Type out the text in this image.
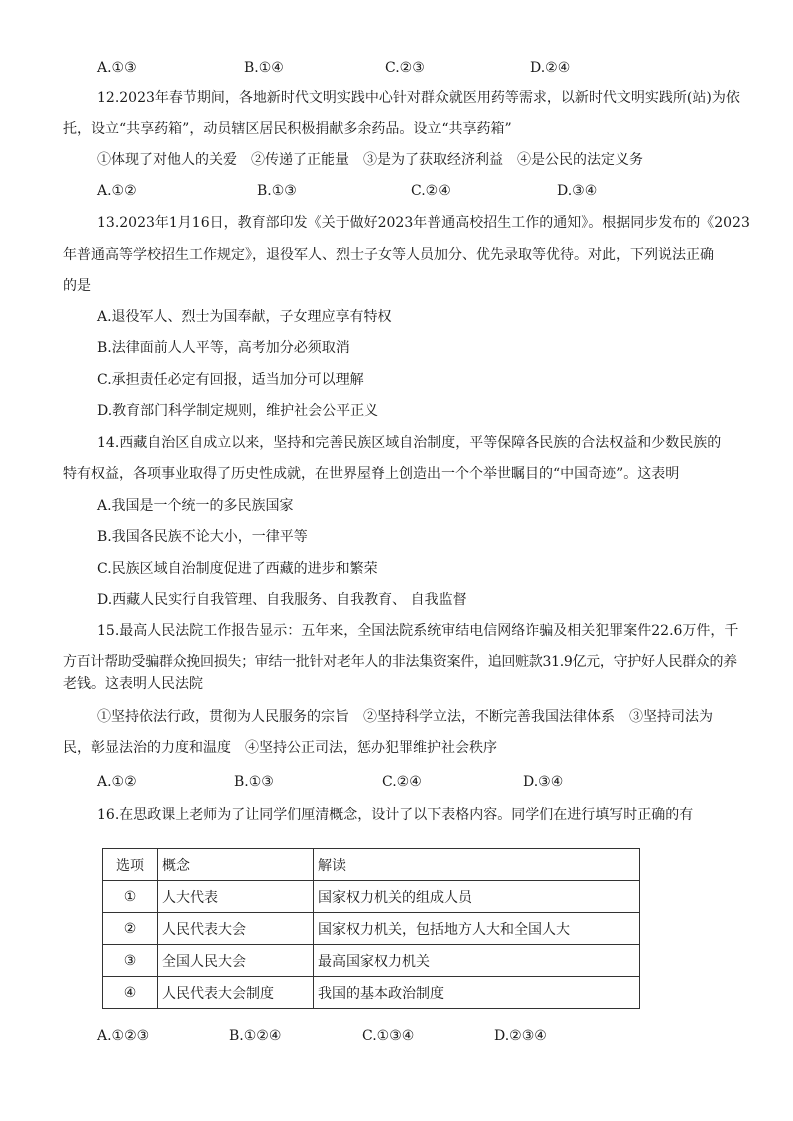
A.①③	B.①④	C.②③	D.②④
12.2023年春节期间，各地新时代文明实践中心针对群众就医用药等需求，以新时代文明实践所(站)为依
托，设立“共享药箱”，动员辖区居民积极捐献多余药品。设立“共享药箱”
①体现了对他人的关爱　②传递了正能量　③是为了获取经济利益　④是公民的法定义务
A.①②	B.①③	C.②④	D.③④
13.2023年1月16日，教育部印发《关于做好2023年普通高校招生工作的通知》。根据同步发布的《2023
年普通高等学校招生工作规定》，退役军人、烈士子女等人员加分、优先录取等优待。对此，下列说法正确
的是
A.退役军人、烈士为国奉献，子女理应享有特权
B.法律面前人人平等，高考加分必须取消
C.承担责任必定有回报，适当加分可以理解
D.教育部门科学制定规则，维护社会公平正义
14.西藏自治区自成立以来，坚持和完善民族区域自治制度，平等保障各民族的合法权益和少数民族的
特有权益，各项事业取得了历史性成就，在世界屋脊上创造出一个个举世瞩目的“中国奇迹”。这表明
A.我国是一个统一的多民族国家
B.我国各民族不论大小，一律平等
C.民族区域自治制度促进了西藏的进步和繁荣
D.西藏人民实行自我管理、自我服务、自我教育、 自我监督
15.最高人民法院工作报告显示：五年来，全国法院系统审结电信网络诈骗及相关犯罪案件22.6万件，千
方百计帮助受骗群众挽回损失；审结一批针对老年人的非法集资案件，追回赃款31.9亿元，守护好人民群众的养
老钱。这表明人民法院
①坚持依法行政，贯彻为人民服务的宗旨　②坚持科学立法，不断完善我国法律体系　③坚持司法为
民，彰显法治的力度和温度　④坚持公正司法，惩办犯罪维护社会秩序
A.①②	B.①③	C.②④	D.③④
16.在思政课上老师为了让同学们厘清概念，设计了以下表格内容。同学们在进行填写时正确的有
选项	概念	解读
①	人大代表	国家权力机关的组成人员
②	人民代表大会	国家权力机关，包括地方人大和全国人大
③	全国人民大会	最高国家权力机关
④	人民代表大会制度	我国的基本政治制度
A.①②③	B.①②④	C.①③④	D.②③④
